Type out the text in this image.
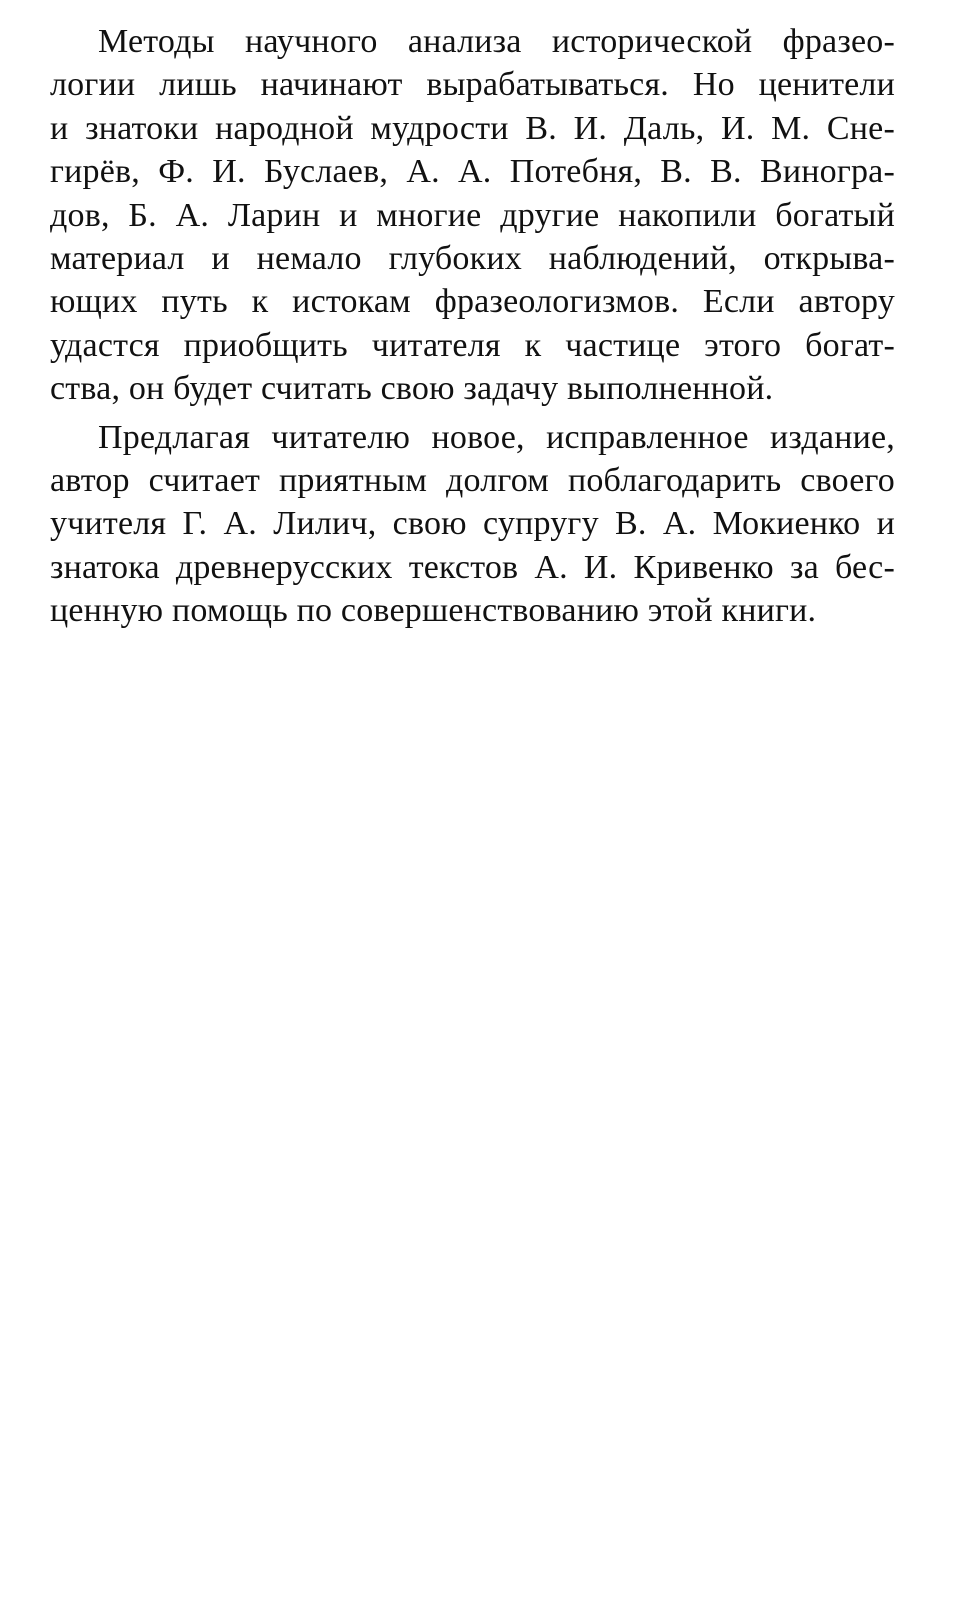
Методы научного анализа исторической фразео-
логии лишь начинают вырабатываться. Но ценители
и знатоки народной мудрости В. И. Даль, И. М. Сне-
гирёв, Ф. И. Буслаев, А. А. Потебня, В. В. Виногра-
дов, Б. А. Ларин и многие другие накопили богатый
материал и немало глубоких наблюдений, открыва-
ющих путь к истокам фразеологизмов. Если автору
удастся приобщить читателя к частице этого богат-
ства, он будет считать свою задачу выполненной.

Предлагая читателю новое, исправленное издание,
автор считает приятным долгом поблагодарить своего
учителя Г. А. Лилич, свою супругу В. А. Мокиенко и
знатока древнерусских текстов А. И. Кривенко за бес-
ценную помощь по совершенствованию этой книги.
